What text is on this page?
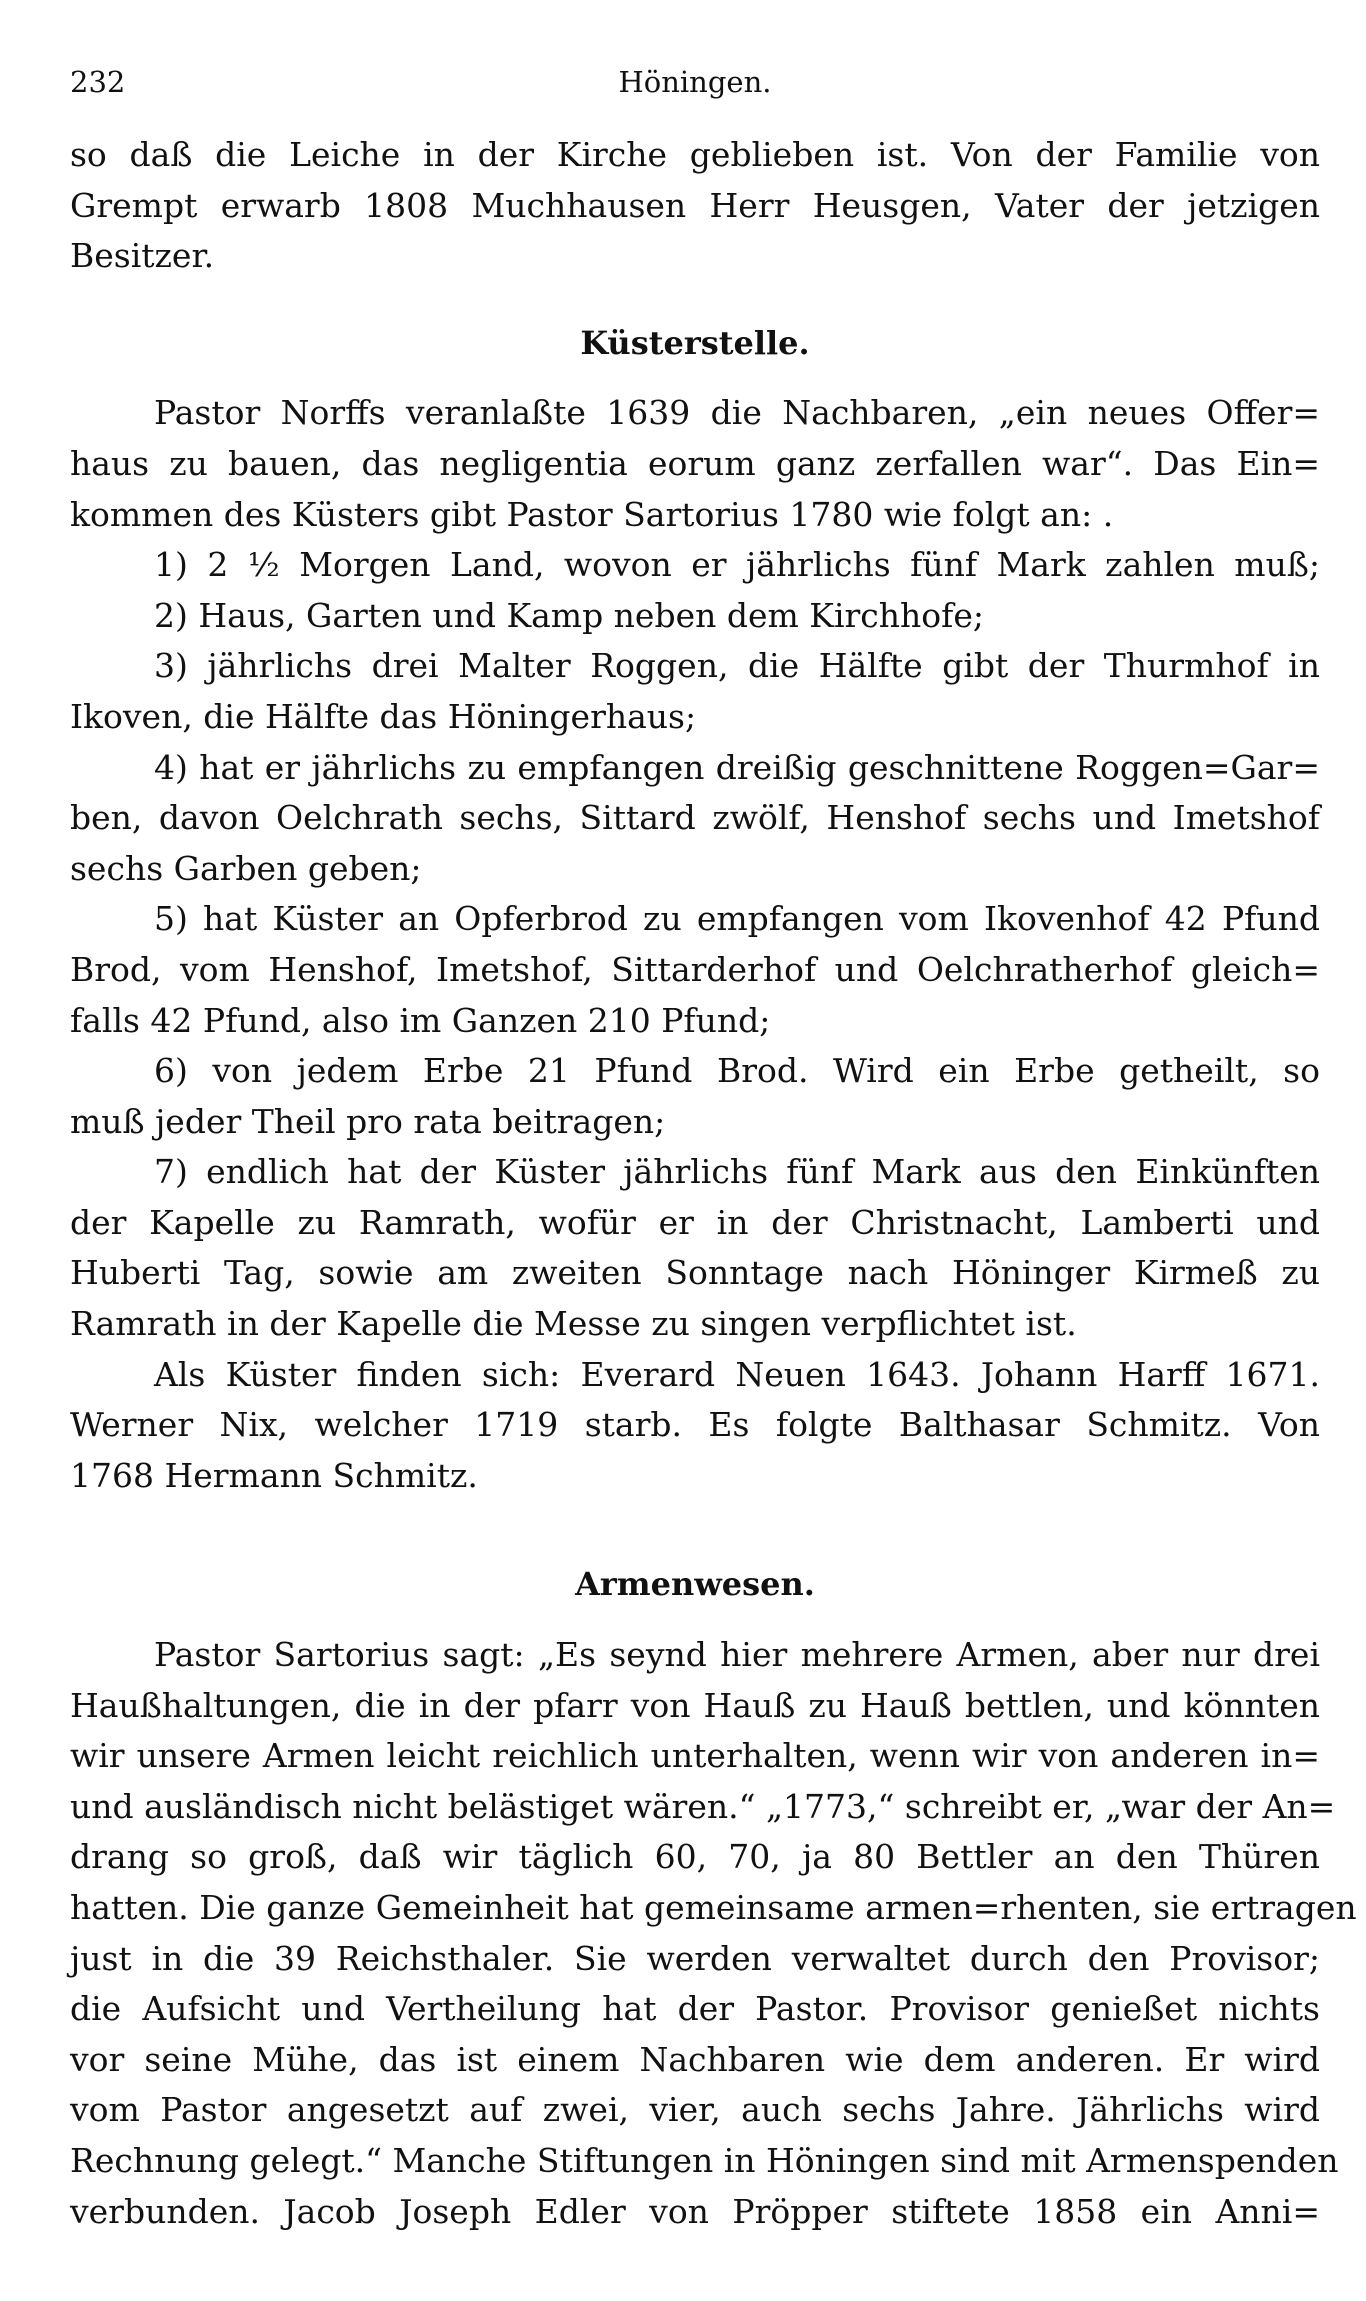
232	Höningen.
so daß die Leiche in der Kirche geblieben ist. Von der Familie von
Grempt erwarb 1808 Muchhausen Herr Heusgen, Vater der jetzigen
Besitzer.
Küsterstelle.
Pastor Norffs veranlaßte 1639 die Nachbaren, „ein neues Offer=
haus zu bauen, das negligentia eorum ganz zerfallen war“. Das Ein=
kommen des Küsters gibt Pastor Sartorius 1780 wie folgt an: .
1) 2 ½ Morgen Land, wovon er jährlichs fünf Mark zahlen muß;
2) Haus, Garten und Kamp neben dem Kirchhofe;
3) jährlichs drei Malter Roggen, die Hälfte gibt der Thurmhof in
Ikoven, die Hälfte das Höningerhaus;
4) hat er jährlichs zu empfangen dreißig geschnittene Roggen=Gar=
ben, davon Oelchrath sechs, Sittard zwölf, Henshof sechs und Imetshof
sechs Garben geben;
5) hat Küster an Opferbrod zu empfangen vom Ikovenhof 42 Pfund
Brod, vom Henshof, Imetshof, Sittarderhof und Oelchratherhof gleich=
falls 42 Pfund, also im Ganzen 210 Pfund;
6) von jedem Erbe 21 Pfund Brod. Wird ein Erbe getheilt, so
muß jeder Theil pro rata beitragen;
7) endlich hat der Küster jährlichs fünf Mark aus den Einkünften
der Kapelle zu Ramrath, wofür er in der Christnacht, Lamberti und
Huberti Tag, sowie am zweiten Sonntage nach Höninger Kirmeß zu
Ramrath in der Kapelle die Messe zu singen verpflichtet ist.
Als Küster finden sich: Everard Neuen 1643. Johann Harff 1671.
Werner Nix, welcher 1719 starb. Es folgte Balthasar Schmitz. Von
1768 Hermann Schmitz.
Armenwesen.
Pastor Sartorius sagt: „Es seynd hier mehrere Armen, aber nur drei
Haußhaltungen, die in der pfarr von Hauß zu Hauß bettlen, und könnten
wir unsere Armen leicht reichlich unterhalten, wenn wir von anderen in=
und ausländisch nicht belästiget wären.“ „1773,“ schreibt er, „war der An=
drang so groß, daß wir täglich 60, 70, ja 80 Bettler an den Thüren
hatten. Die ganze Gemeinheit hat gemeinsame armen=rhenten, sie ertragen
just in die 39 Reichsthaler. Sie werden verwaltet durch den Provisor;
die Aufsicht und Vertheilung hat der Pastor. Provisor genießet nichts
vor seine Mühe, das ist einem Nachbaren wie dem anderen. Er wird
vom Pastor angesetzt auf zwei, vier, auch sechs Jahre. Jährlichs wird
Rechnung gelegt.“ Manche Stiftungen in Höningen sind mit Armenspenden
verbunden. Jacob Joseph Edler von Pröpper stiftete 1858 ein Anni=
